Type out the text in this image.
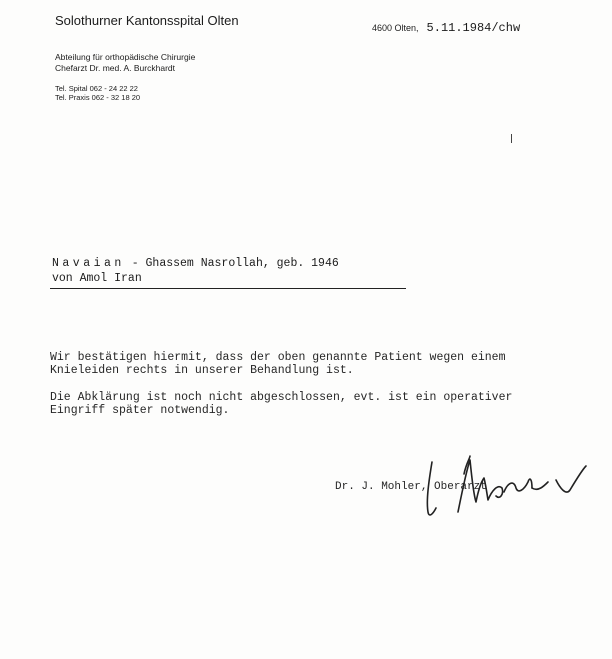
Solothurner Kantonsspital Olten	4600 Olten, 5.11.1984/chw
Abteilung für orthopädische Chirurgie
Chefarzt Dr. med. A. Burckhardt
Tel. Spital 062 - 24 22 22
Tel. Praxis 062 - 32 18 20
Navaian - Ghassem Nasrollah, geb. 1946
von Amol Iran
Wir bestätigen hiermit, dass der oben genannte Patient wegen einem
Knieleiden rechts in unserer Behandlung ist.
Die Abklärung ist noch nicht abgeschlossen, evt. ist ein operativer
Eingriff später notwendig.
Dr. J. Mohler, Oberarzt
